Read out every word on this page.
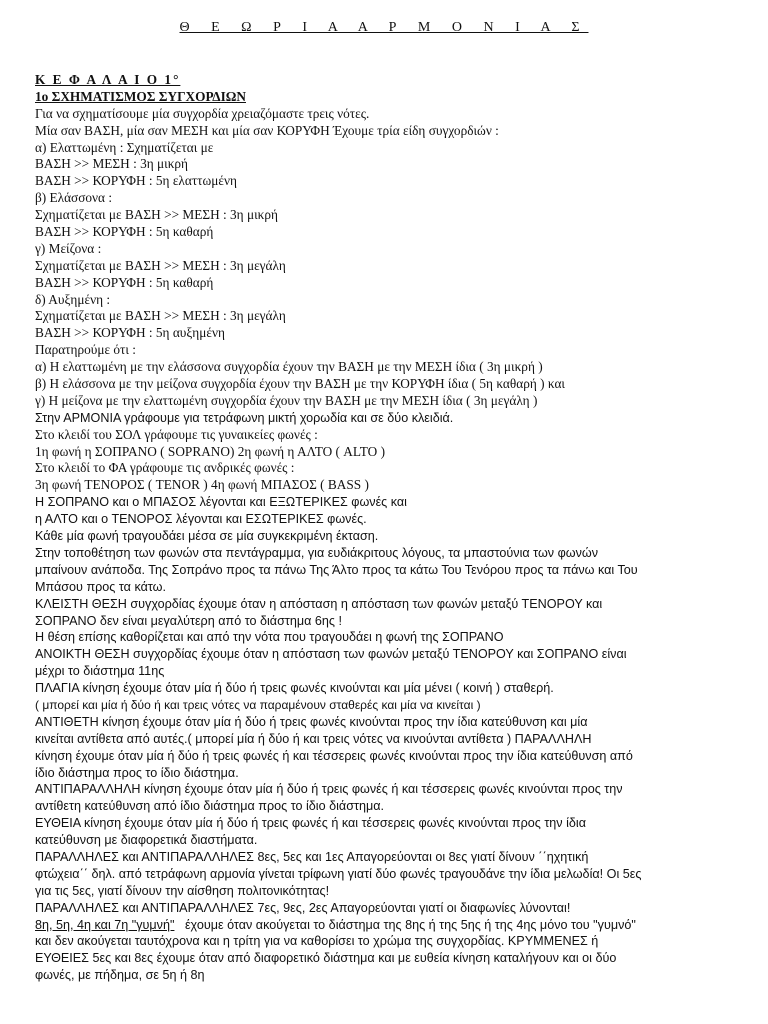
Θ Ε Ω Ρ Ι Α Α Ρ Μ Ο Ν Ι Α Σ
Κ Ε Φ Α Λ Α Ι Ο 1°
1ο ΣΧΗΜΑΤΙΣΜΟΣ ΣΥΓΧΟΡΔΙΩΝ
Για να σχηματίσουμε μία συγχορδία χρειαζόμαστε τρεις νότες.
Μία σαν ΒΑΣΗ, μία σαν ΜΕΣΗ και μία σαν ΚΟΡΥΦΗ Έχουμε τρία είδη συγχορδιών :
α) Ελαττωμένη : Σχηματίζεται με
ΒΑΣΗ >> ΜΕΣΗ : 3η μικρή
ΒΑΣΗ >> ΚΟΡΥΦΗ : 5η ελαττωμένη
β) Ελάσσονα :
Σχηματίζεται με ΒΑΣΗ >> ΜΕΣΗ : 3η μικρή
ΒΑΣΗ >> ΚΟΡΥΦΗ : 5η καθαρή
γ) Μείζονα :
Σχηματίζεται με ΒΑΣΗ >> ΜΕΣΗ : 3η μεγάλη
ΒΑΣΗ >> ΚΟΡΥΦΗ : 5η καθαρή
δ) Αυξημένη :
Σχηματίζεται με ΒΑΣΗ >> ΜΕΣΗ : 3η μεγάλη
ΒΑΣΗ >> ΚΟΡΥΦΗ : 5η αυξημένη
Παρατηρούμε ότι :
α) Η ελαττωμένη με την ελάσσονα συγχορδία έχουν την ΒΑΣΗ με την ΜΕΣΗ ίδια ( 3η μικρή )
β) Η ελάσσονα με την μείζονα συγχορδία έχουν την ΒΑΣΗ με την ΚΟΡΥΦΗ ίδια ( 5η καθαρή ) και
γ) Η μείζονα με την ελαττωμένη συγχορδία έχουν την ΒΑΣΗ με την ΜΕΣΗ ίδια ( 3η μεγάλη )
Στην ΑΡΜΟΝΙΑ γράφουμε για τετράφωνη μικτή χορωδία και σε δύο κλειδιά.
Στο κλειδί του ΣΟΛ γράφουμε τις γυναικείες φωνές :
1η φωνή η ΣΟΠΡΑΝΟ ( SOPRANO) 2η φωνή η ΑΛΤΟ ( ALTO )
Στο κλειδί το ΦΑ γράφουμε τις ανδρικές φωνές :
3η φωνή ΤΕΝΟΡΟΣ ( TENOR ) 4η φωνή ΜΠΑΣΟΣ ( BASS )
Η ΣΟΠΡΑΝΟ και ο ΜΠΑΣΟΣ λέγονται και ΕΞΩΤΕΡΙΚΕΣ φωνές και
η ΑΛΤΟ και ο ΤΕΝΟΡΟΣ λέγονται και ΕΣΩΤΕΡΙΚΕΣ φωνές.
Κάθε μία φωνή τραγουδάει μέσα σε μία συγκεκριμένη έκταση.
Στην τοποθέτηση των φωνών στα πεντάγραμμα, για ευδιάκριτους λόγους, τα μπαστούνια των φωνών
μπαίνουν ανάποδα. Της Σοπράνο προς τα πάνω Της Άλτο προς τα κάτω Του Τενόρου προς τα πάνω και Του
Μπάσου προς τα κάτω.
ΚΛΕΙΣΤΗ ΘΕΣΗ συγχορδίας έχουμε όταν η απόσταση η απόσταση των φωνών μεταξύ ΤΕΝΟΡΟΥ και
ΣΟΠΡΑΝΟ δεν είναι μεγαλύτερη από το διάστημα 6ης !
Η θέση επίσης καθορίζεται και από την νότα που τραγουδάει η φωνή της ΣΟΠΡΑΝΟ
ΑΝΟΙΚΤΗ ΘΕΣΗ συγχορδίας έχουμε όταν η απόσταση των φωνών μεταξύ ΤΕΝΟΡΟΥ και ΣΟΠΡΑΝΟ είναι
μέχρι το διάστημα 11ης
ΠΛΑΓΙΑ κίνηση έχουμε όταν μία ή δύο ή τρεις φωνές κινούνται και μία μένει ( κοινή ) σταθερή.
( μπορεί και μία ή δύο ή και τρεις νότες να παραμένουν σταθερές και μία να κινείται )
ΑΝΤΙΘΕΤΗ κίνηση έχουμε όταν μία ή δύο ή τρεις φωνές κινούνται προς την ίδια κατεύθυνση και μία
κινείται αντίθετα από αυτές.( μπορεί μία ή δύο ή και τρεις νότες να κινούνται αντίθετα ) ΠΑΡΑΛΛΗΛΗ
κίνηση έχουμε όταν μία ή δύο ή τρεις φωνές ή και τέσσερεις φωνές κινούνται προς την ίδια κατεύθυνση από
ίδιο διάστημα προς το ίδιο διάστημα.
ΑΝΤΙΠΑΡΑΛΛΗΛΗ κίνηση έχουμε όταν μία ή δύο ή τρεις φωνές ή και τέσσερεις φωνές κινούνται προς την
αντίθετη κατεύθυνση από ίδιο διάστημα προς το ίδιο διάστημα.
ΕΥΘΕΙΑ κίνηση έχουμε όταν μία ή δύο ή τρεις φωνές ή και τέσσερεις φωνές κινούνται προς την ίδια
κατεύθυνση με διαφορετικά διαστήματα.
ΠΑΡΑΛΛΗΛΕΣ και ΑΝΤΙΠΑΡΑΛΛΗΛΕΣ 8ες, 5ες και 1ες Απαγορεύονται οι 8ες γιατί δίνουν ΄΄ηχητική
φτώχεια΄΄ δηλ. από τετράφωνη αρμονία γίνεται τρίφωνη γιατί δύο φωνές τραγουδάνε την ίδια μελωδία! Οι 5ες
για τις 5ες, γιατί δίνουν την αίσθηση πολιτονικότητας!
ΠΑΡΑΛΛΗΛΕΣ και ΑΝΤΙΠΑΡΑΛΛΗΛΕΣ 7ες, 9ες, 2ες Απαγορεύονται γιατί οι διαφωνίες λύνονται!
8η, 5η, 4η και 7η "γυμνή" έχουμε όταν ακούγεται το διάστημα της 8ης ή της 5ης ή της 4ης μόνο του "γυμνό"
και δεν ακούγεται ταυτόχρονα και η τρίτη για να καθορίσει το χρώμα της συγχορδίας. ΚΡΥΜΜΕΝΕΣ ή
ΕΥΘΕΙΕΣ 5ες και 8ες έχουμε όταν από διαφορετικό διάστημα και με ευθεία κίνηση καταλήγουν και οι δύο
φωνές, με πήδημα, σε 5η ή 8η
